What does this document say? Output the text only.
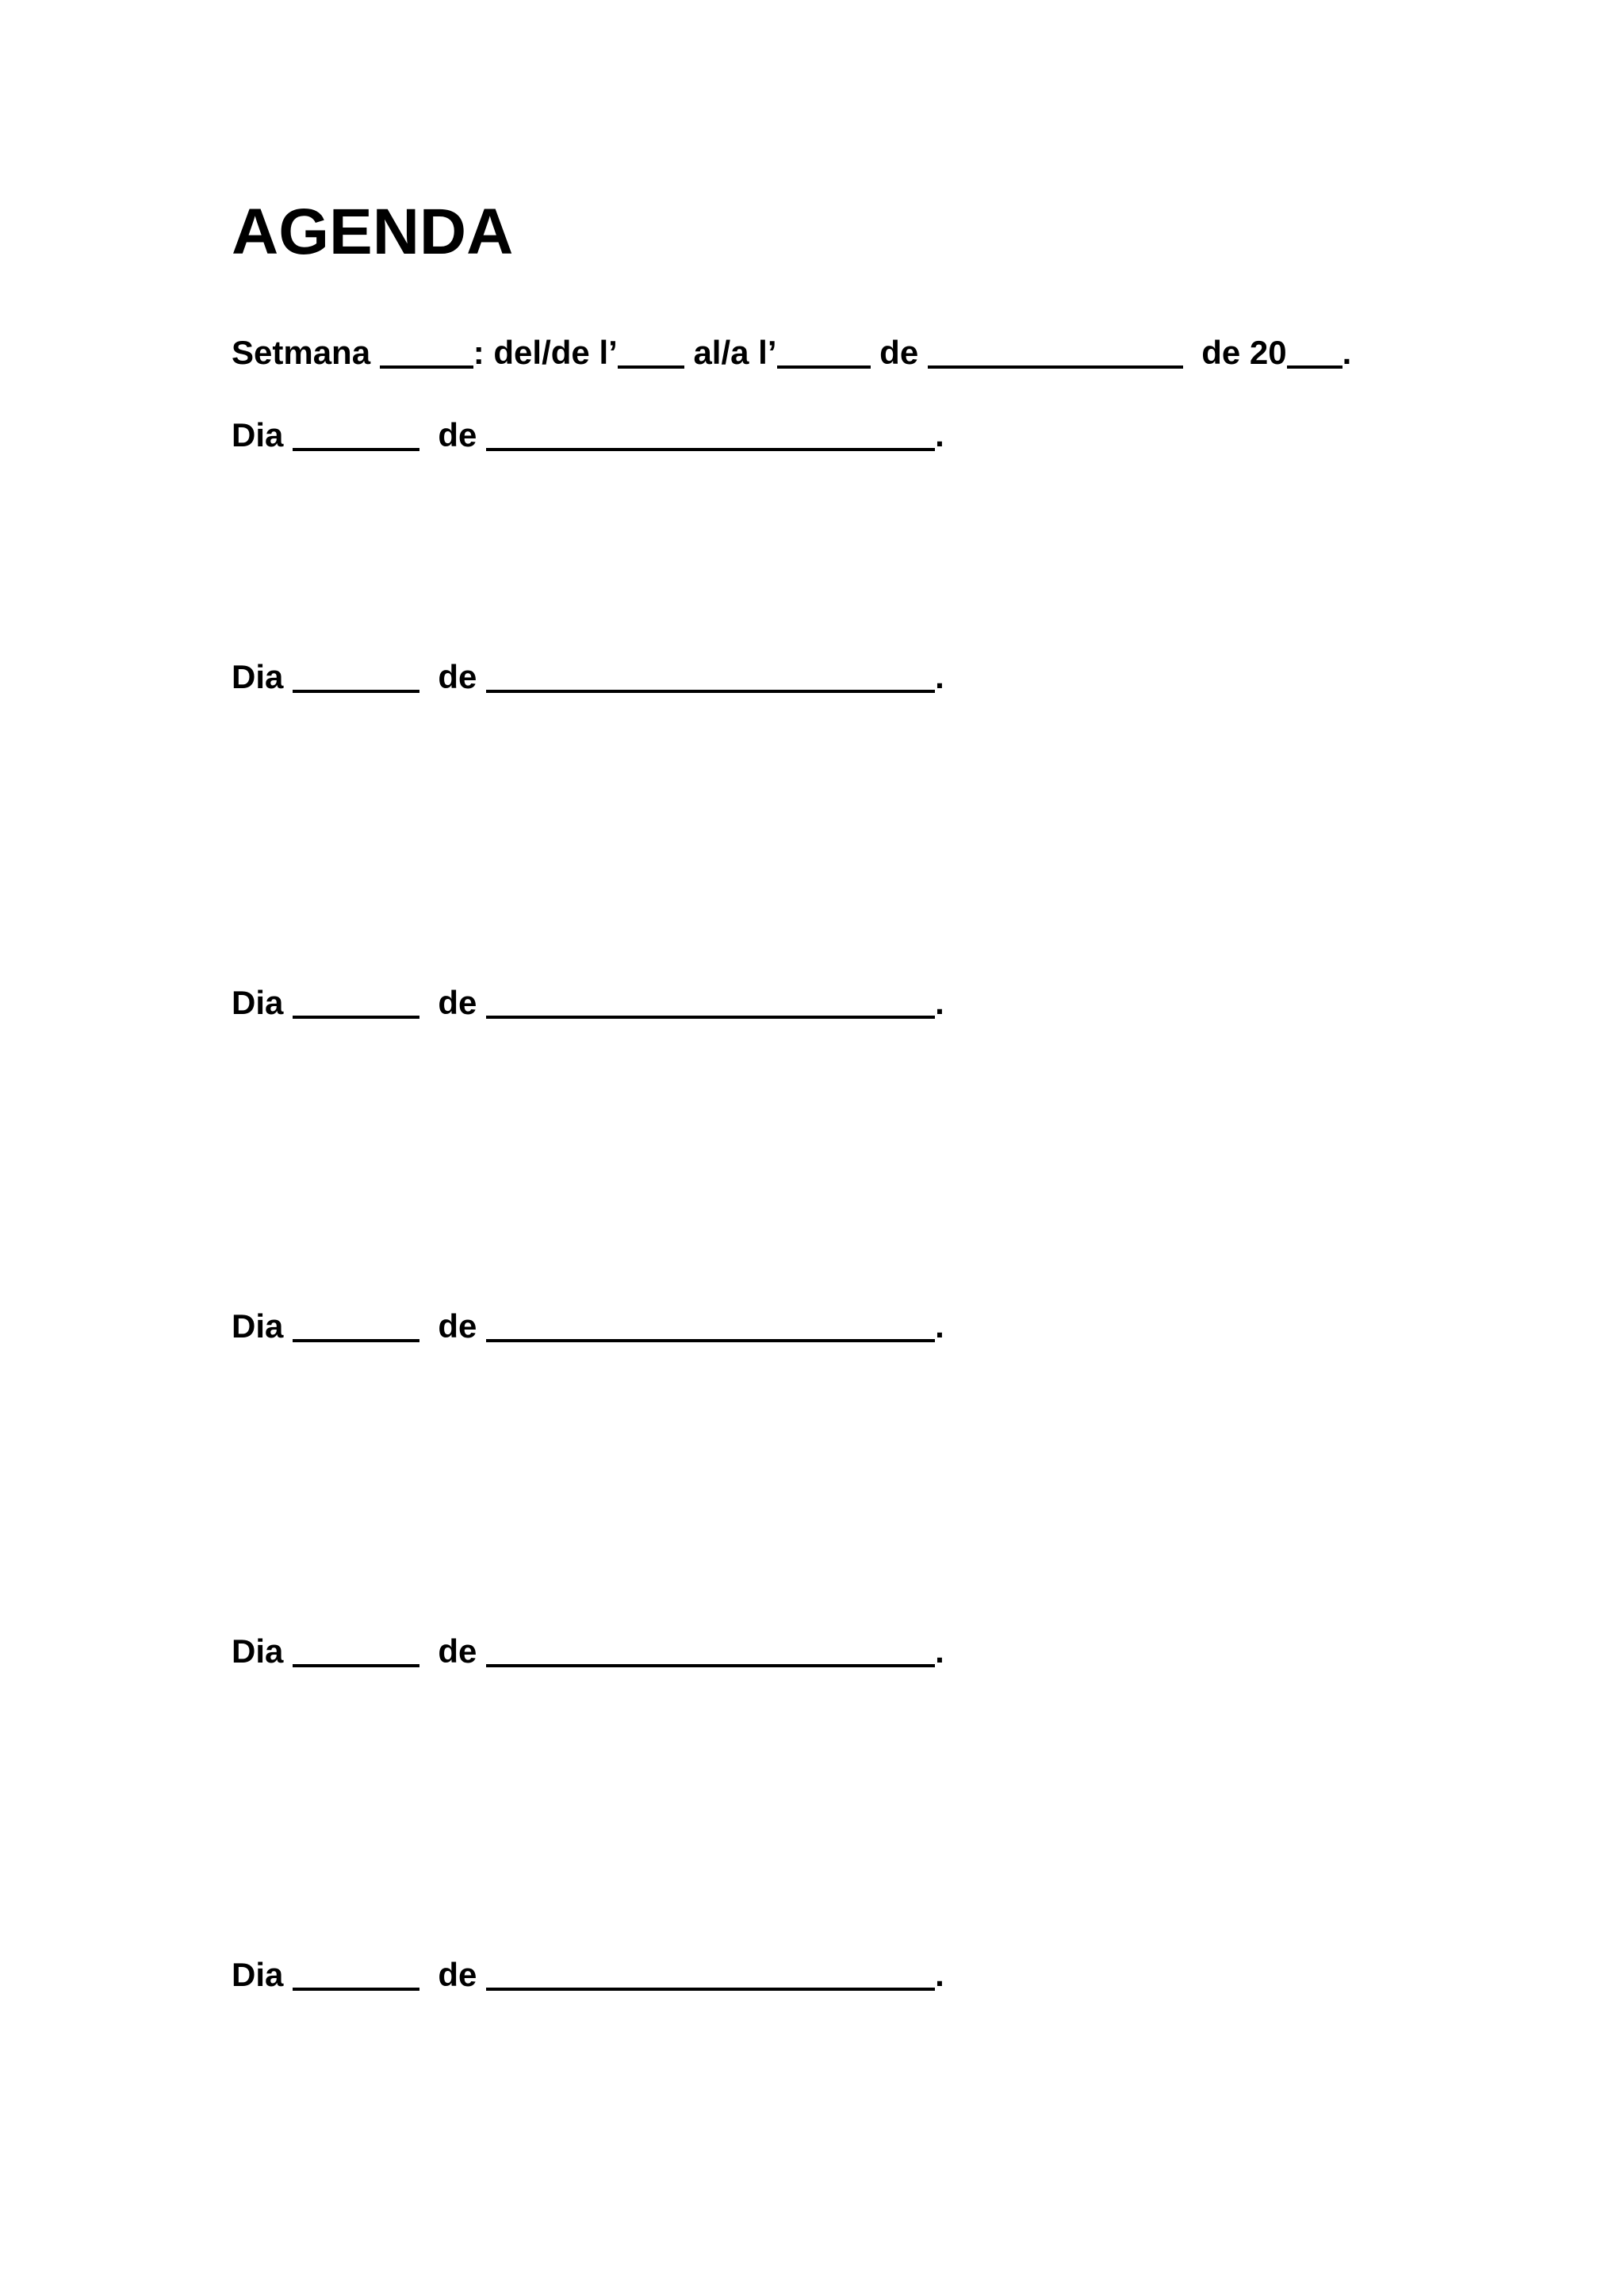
AGENDA

Setmana	: del/de l’ al/a l’	de	de 20 .

Dia	de	.

Dia	de	.

Dia	de	.

Dia	de	.

Dia	de	.

Dia	de	.
